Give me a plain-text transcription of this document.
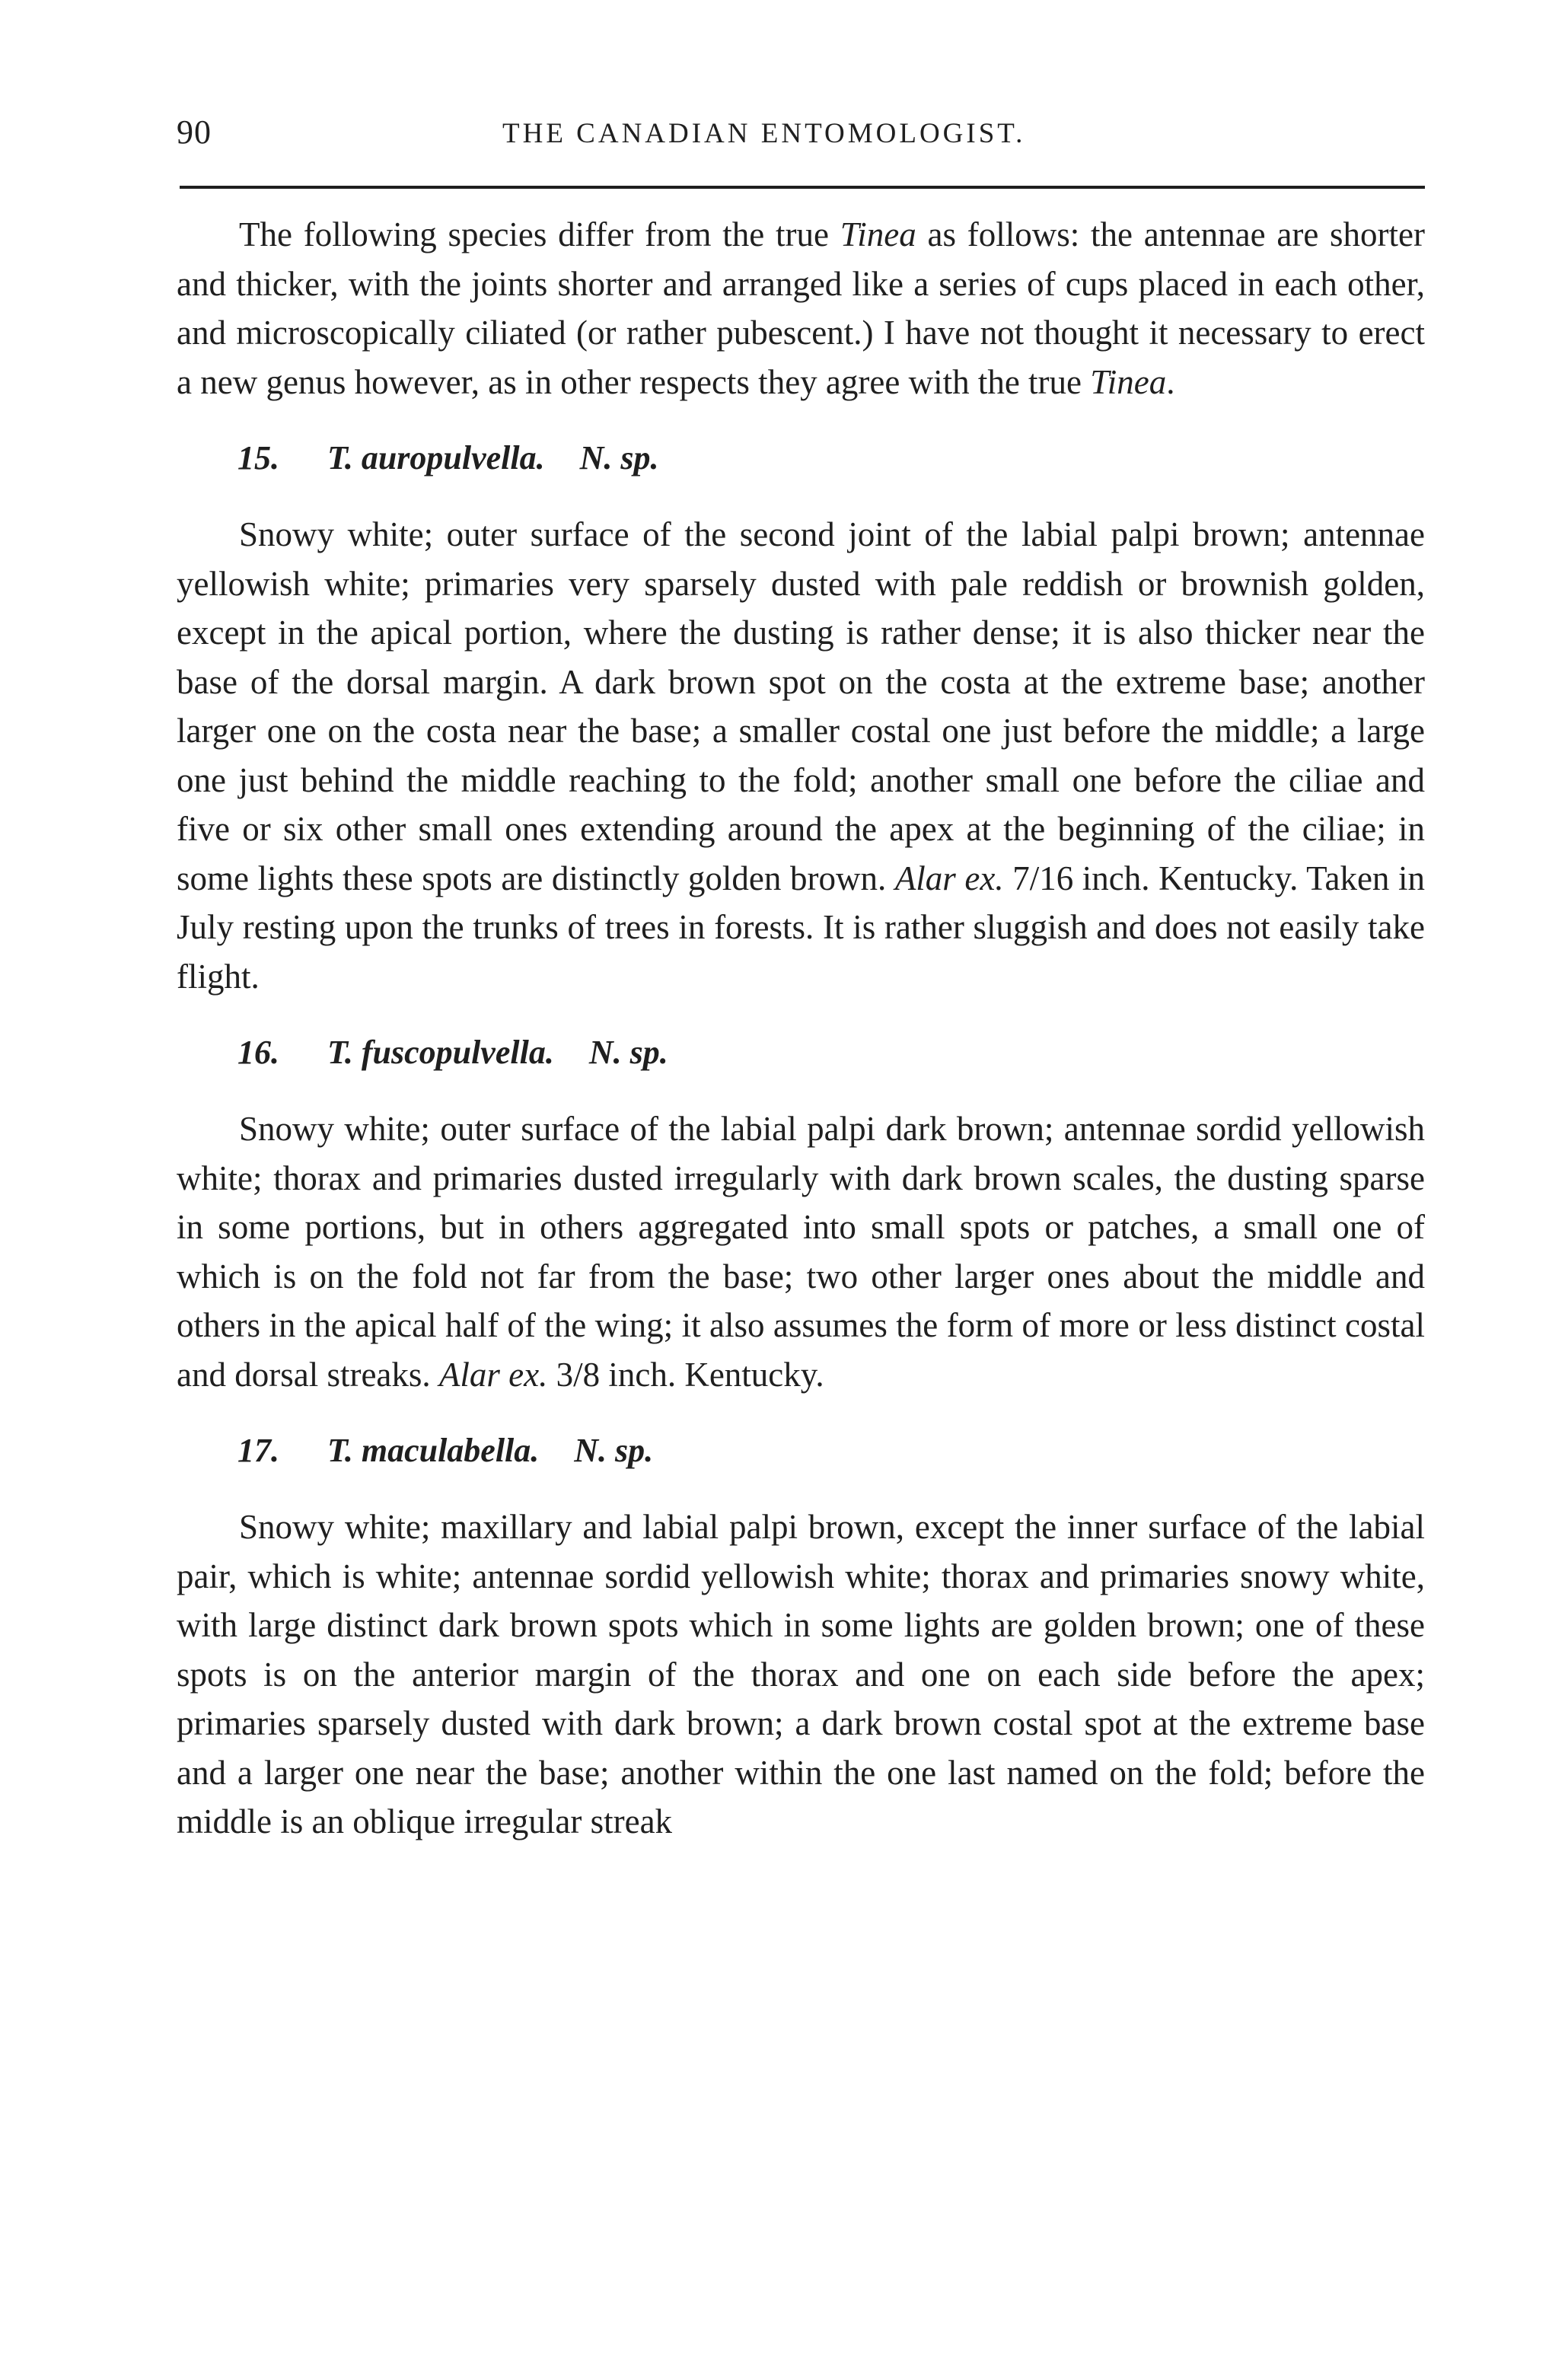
90	THE CANADIAN ENTOMOLOGIST.

The following species differ from the true Tinea as follows: the antennae are shorter and thicker, with the joints shorter and arranged like a series of cups placed in each other, and microscopically ciliated (or rather pubescent.) I have not thought it necessary to erect a new genus however, as in other respects they agree with the true Tinea.

15. T. auropulvella. N. sp.

Snowy white; outer surface of the second joint of the labial palpi brown; antennae yellowish white; primaries very sparsely dusted with pale reddish or brownish golden, except in the apical portion, where the dusting is rather dense; it is also thicker near the base of the dorsal margin. A dark brown spot on the costa at the extreme base; another larger one on the costa near the base; a smaller costal one just before the middle; a large one just behind the middle reaching to the fold; another small one before the ciliae and five or six other small ones extending around the apex at the beginning of the ciliae; in some lights these spots are distinctly golden brown. Alar ex. 7/16 inch. Kentucky. Taken in July resting upon the trunks of trees in forests. It is rather sluggish and does not easily take flight.

16. T. fuscopulvella. N. sp.

Snowy white; outer surface of the labial palpi dark brown; antennae sordid yellowish white; thorax and primaries dusted irregularly with dark brown scales, the dusting sparse in some portions, but in others aggregated into small spots or patches, a small one of which is on the fold not far from the base; two other larger ones about the middle and others in the apical half of the wing; it also assumes the form of more or less distinct costal and dorsal streaks. Alar ex. 3/8 inch. Kentucky.

17. T. maculabella. N. sp.

Snowy white; maxillary and labial palpi brown, except the inner surface of the labial pair, which is white; antennae sordid yellowish white; thorax and primaries snowy white, with large distinct dark brown spots which in some lights are golden brown; one of these spots is on the anterior margin of the thorax and one on each side before the apex; primaries sparsely dusted with dark brown; a dark brown costal spot at the extreme base and a larger one near the base; another within the one last named on the fold; before the middle is an oblique irregular streak
